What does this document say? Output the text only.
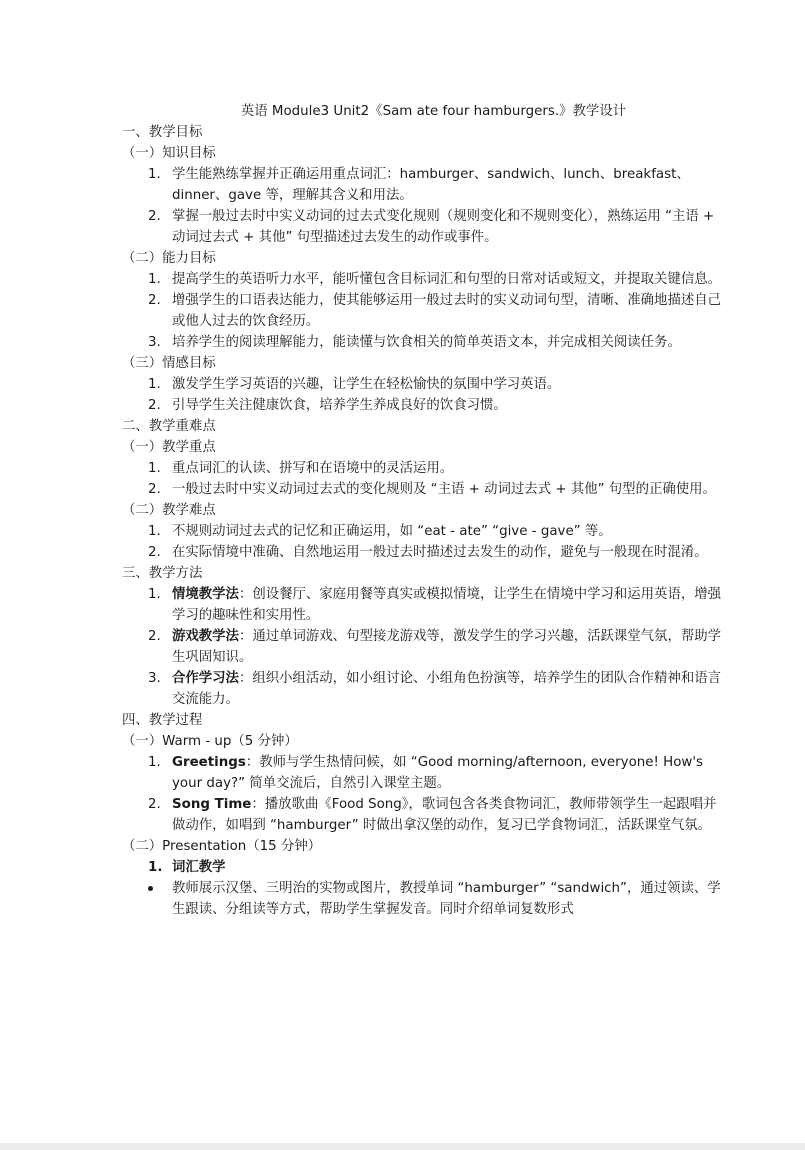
英语 Module3 Unit2《Sam ate four hamburgers.》教学设计
一、教学目标
（一）知识目标
1. 学生能熟练掌握并正确运用重点词汇：hamburger、sandwich、lunch、breakfast、dinner、gave 等，理解其含义和用法。
2. 掌握一般过去时中实义动词的过去式变化规则（规则变化和不规则变化），熟练运用 “主语 + 动词过去式 + 其他” 句型描述过去发生的动作或事件。
（二）能力目标
1. 提高学生的英语听力水平，能听懂包含目标词汇和句型的日常对话或短文，并提取关键信息。
2. 增强学生的口语表达能力，使其能够运用一般过去时的实义动词句型，清晰、准确地描述自己或他人过去的饮食经历。
3. 培养学生的阅读理解能力，能读懂与饮食相关的简单英语文本，并完成相关阅读任务。
（三）情感目标
1. 激发学生学习英语的兴趣，让学生在轻松愉快的氛围中学习英语。
2. 引导学生关注健康饮食，培养学生养成良好的饮食习惯。
二、教学重难点
（一）教学重点
1. 重点词汇的认读、拼写和在语境中的灵活运用。
2. 一般过去时中实义动词过去式的变化规则及 “主语 + 动词过去式 + 其他” 句型的正确使用。
（二）教学难点
1. 不规则动词过去式的记忆和正确运用，如 “eat - ate” “give - gave” 等。
2. 在实际情境中准确、自然地运用一般过去时描述过去发生的动作，避免与一般现在时混淆。
三、教学方法
1. 情境教学法：创设餐厅、家庭用餐等真实或模拟情境，让学生在情境中学习和运用英语，增强学习的趣味性和实用性。
2. 游戏教学法：通过单词游戏、句型接龙游戏等，激发学生的学习兴趣，活跃课堂气氛，帮助学生巩固知识。
3. 合作学习法：组织小组活动，如小组讨论、小组角色扮演等，培养学生的团队合作精神和语言交流能力。
四、教学过程
（一）Warm - up（5 分钟）
1. Greetings：教师与学生热情问候，如 “Good morning/afternoon, everyone! How's your day?” 简单交流后，自然引入课堂主题。
2. Song Time：播放歌曲《Food Song》，歌词包含各类食物词汇，教师带领学生一起跟唱并做动作，如唱到 “hamburger” 时做出拿汉堡的动作，复习已学食物词汇，活跃课堂气氛。
（二）Presentation（15 分钟）
1. 词汇教学
教师展示汉堡、三明治的实物或图片，教授单词 “hamburger” “sandwich”，通过领读、学生跟读、分组读等方式，帮助学生掌握发音。同时介绍单词复数形式
